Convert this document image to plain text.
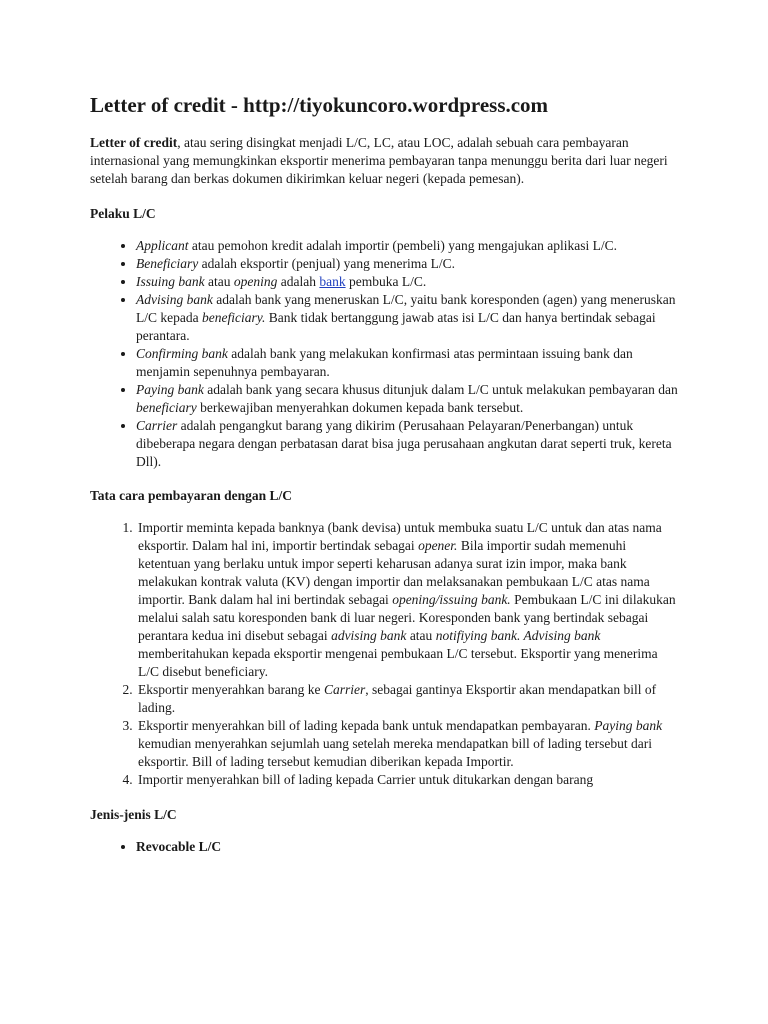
Letter of credit - http://tiyokuncoro.wordpress.com

Letter of credit, atau sering disingkat menjadi L/C, LC, atau LOC, adalah sebuah cara pembayaran internasional yang memungkinkan eksportir menerima pembayaran tanpa menunggu berita dari luar negeri setelah barang dan berkas dokumen dikirimkan keluar negeri (kepada pemesan).

Pelaku L/C
• Applicant atau pemohon kredit adalah importir (pembeli) yang mengajukan aplikasi L/C.
• Beneficiary adalah eksportir (penjual) yang menerima L/C.
• Issuing bank atau opening adalah bank pembuka L/C.
• Advising bank adalah bank yang meneruskan L/C, yaitu bank koresponden (agen) yang meneruskan L/C kepada beneficiary. Bank tidak bertanggung jawab atas isi L/C dan hanya bertindak sebagai perantara.
• Confirming bank adalah bank yang melakukan konfirmasi atas permintaan issuing bank dan menjamin sepenuhnya pembayaran.
• Paying bank adalah bank yang secara khusus ditunjuk dalam L/C untuk melakukan pembayaran dan beneficiary berkewajiban menyerahkan dokumen kepada bank tersebut.
• Carrier adalah pengangkut barang yang dikirim (Perusahaan Pelayaran/Penerbangan) untuk dibeberapa negara dengan perbatasan darat bisa juga perusahaan angkutan darat seperti truk, kereta Dll).
Tata cara pembayaran dengan L/C
1. Importir meminta kepada banknya (bank devisa) untuk membuka suatu L/C untuk dan atas nama eksportir. Dalam hal ini, importir bertindak sebagai opener. Bila importir sudah memenuhi ketentuan yang berlaku untuk impor seperti keharusan adanya surat izin impor, maka bank melakukan kontrak valuta (KV) dengan importir dan melaksanakan pembukaan L/C atas nama importir. Bank dalam hal ini bertindak sebagai opening/issuing bank. Pembukaan L/C ini dilakukan melalui salah satu koresponden bank di luar negeri. Koresponden bank yang bertindak sebagai perantara kedua ini disebut sebagai advising bank atau notifiying bank. Advising bank memberitahukan kepada eksportir mengenai pembukaan L/C tersebut. Eksportir yang menerima L/C disebut beneficiary.
2. Eksportir menyerahkan barang ke Carrier, sebagai gantinya Eksportir akan mendapatkan bill of lading.
3. Eksportir menyerahkan bill of lading kepada bank untuk mendapatkan pembayaran. Paying bank kemudian menyerahkan sejumlah uang setelah mereka mendapatkan bill of lading tersebut dari eksportir. Bill of lading tersebut kemudian diberikan kepada Importir.
4. Importir menyerahkan bill of lading kepada Carrier untuk ditukarkan dengan barang
Jenis-jenis L/C
• Revocable L/C
